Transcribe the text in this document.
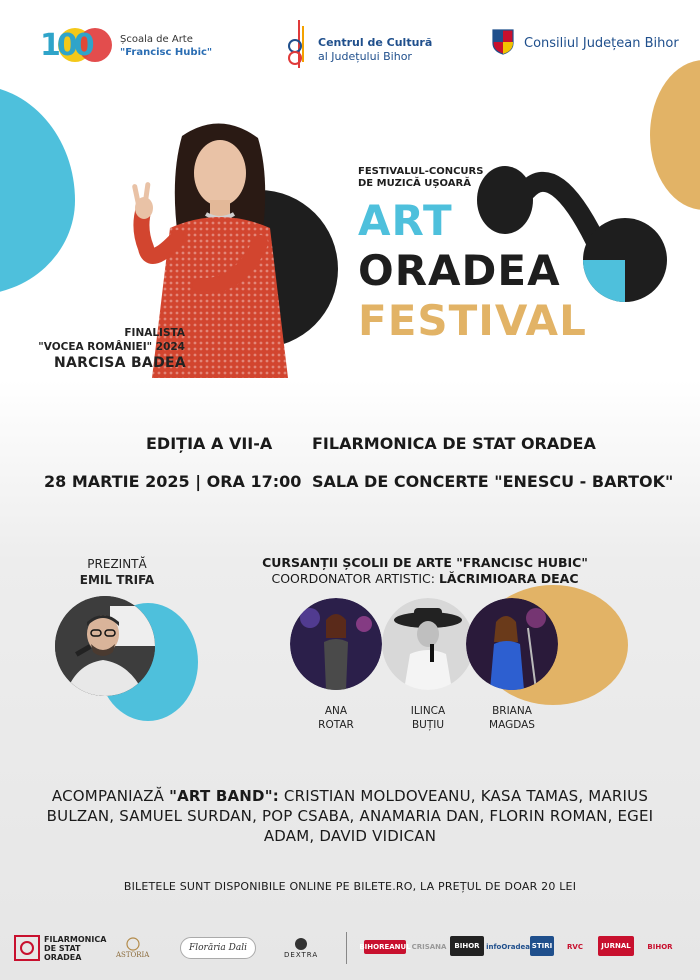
100	Școala de Arte
"Francisc Hubic"
Centrul de Cultură
al Județului Bihor
Consiliul Județean Bihor
FINALISTA
"VOCEA ROMÂNIEI" 2024
NARCISA BADEA
FESTIVALUL-CONCURS
DE MUZICĂ UȘOARĂ
ART
ORADEA
FESTIVAL
EDIȚIA A VII-A FILARMONICA DE STAT ORADEA
28 MARTIE 2025 | ORA 17:00 SALA DE CONCERTE "ENESCU - BARTOK"
PREZINTĂ
EMIL TRIFA
CURSANȚII ȘCOLII DE ARTE "FRANCISC HUBIC"
COORDONATOR ARTISTIC: LĂCRIMIOARA DEAC
ANA
ROTAR
ILINCA
BUȚIU
BRIANA
MAGDAS
ACOMPANIAZĂ "ART BAND": CRISTIAN MOLDOVEANU, KASA TAMAS, MARIUS BULZAN, SAMUEL SURDAN, POP CSABA, ANAMARIA DAN, FLORIN ROMAN, EGEI ADAM, DAVID VIDICAN
BILETELE SUNT DISPONIBILE ONLINE PE BILETE.RO, LA PREȚUL DE DOAR 20 LEI
FILARMONICA
DE STAT
ORADEA	ASTORIA
Florăria Dali
DEXTRA
BIHOREANUL CRISANA	BIHOR infoOradea STIRI	RVC	JURNAL	BIHOR
